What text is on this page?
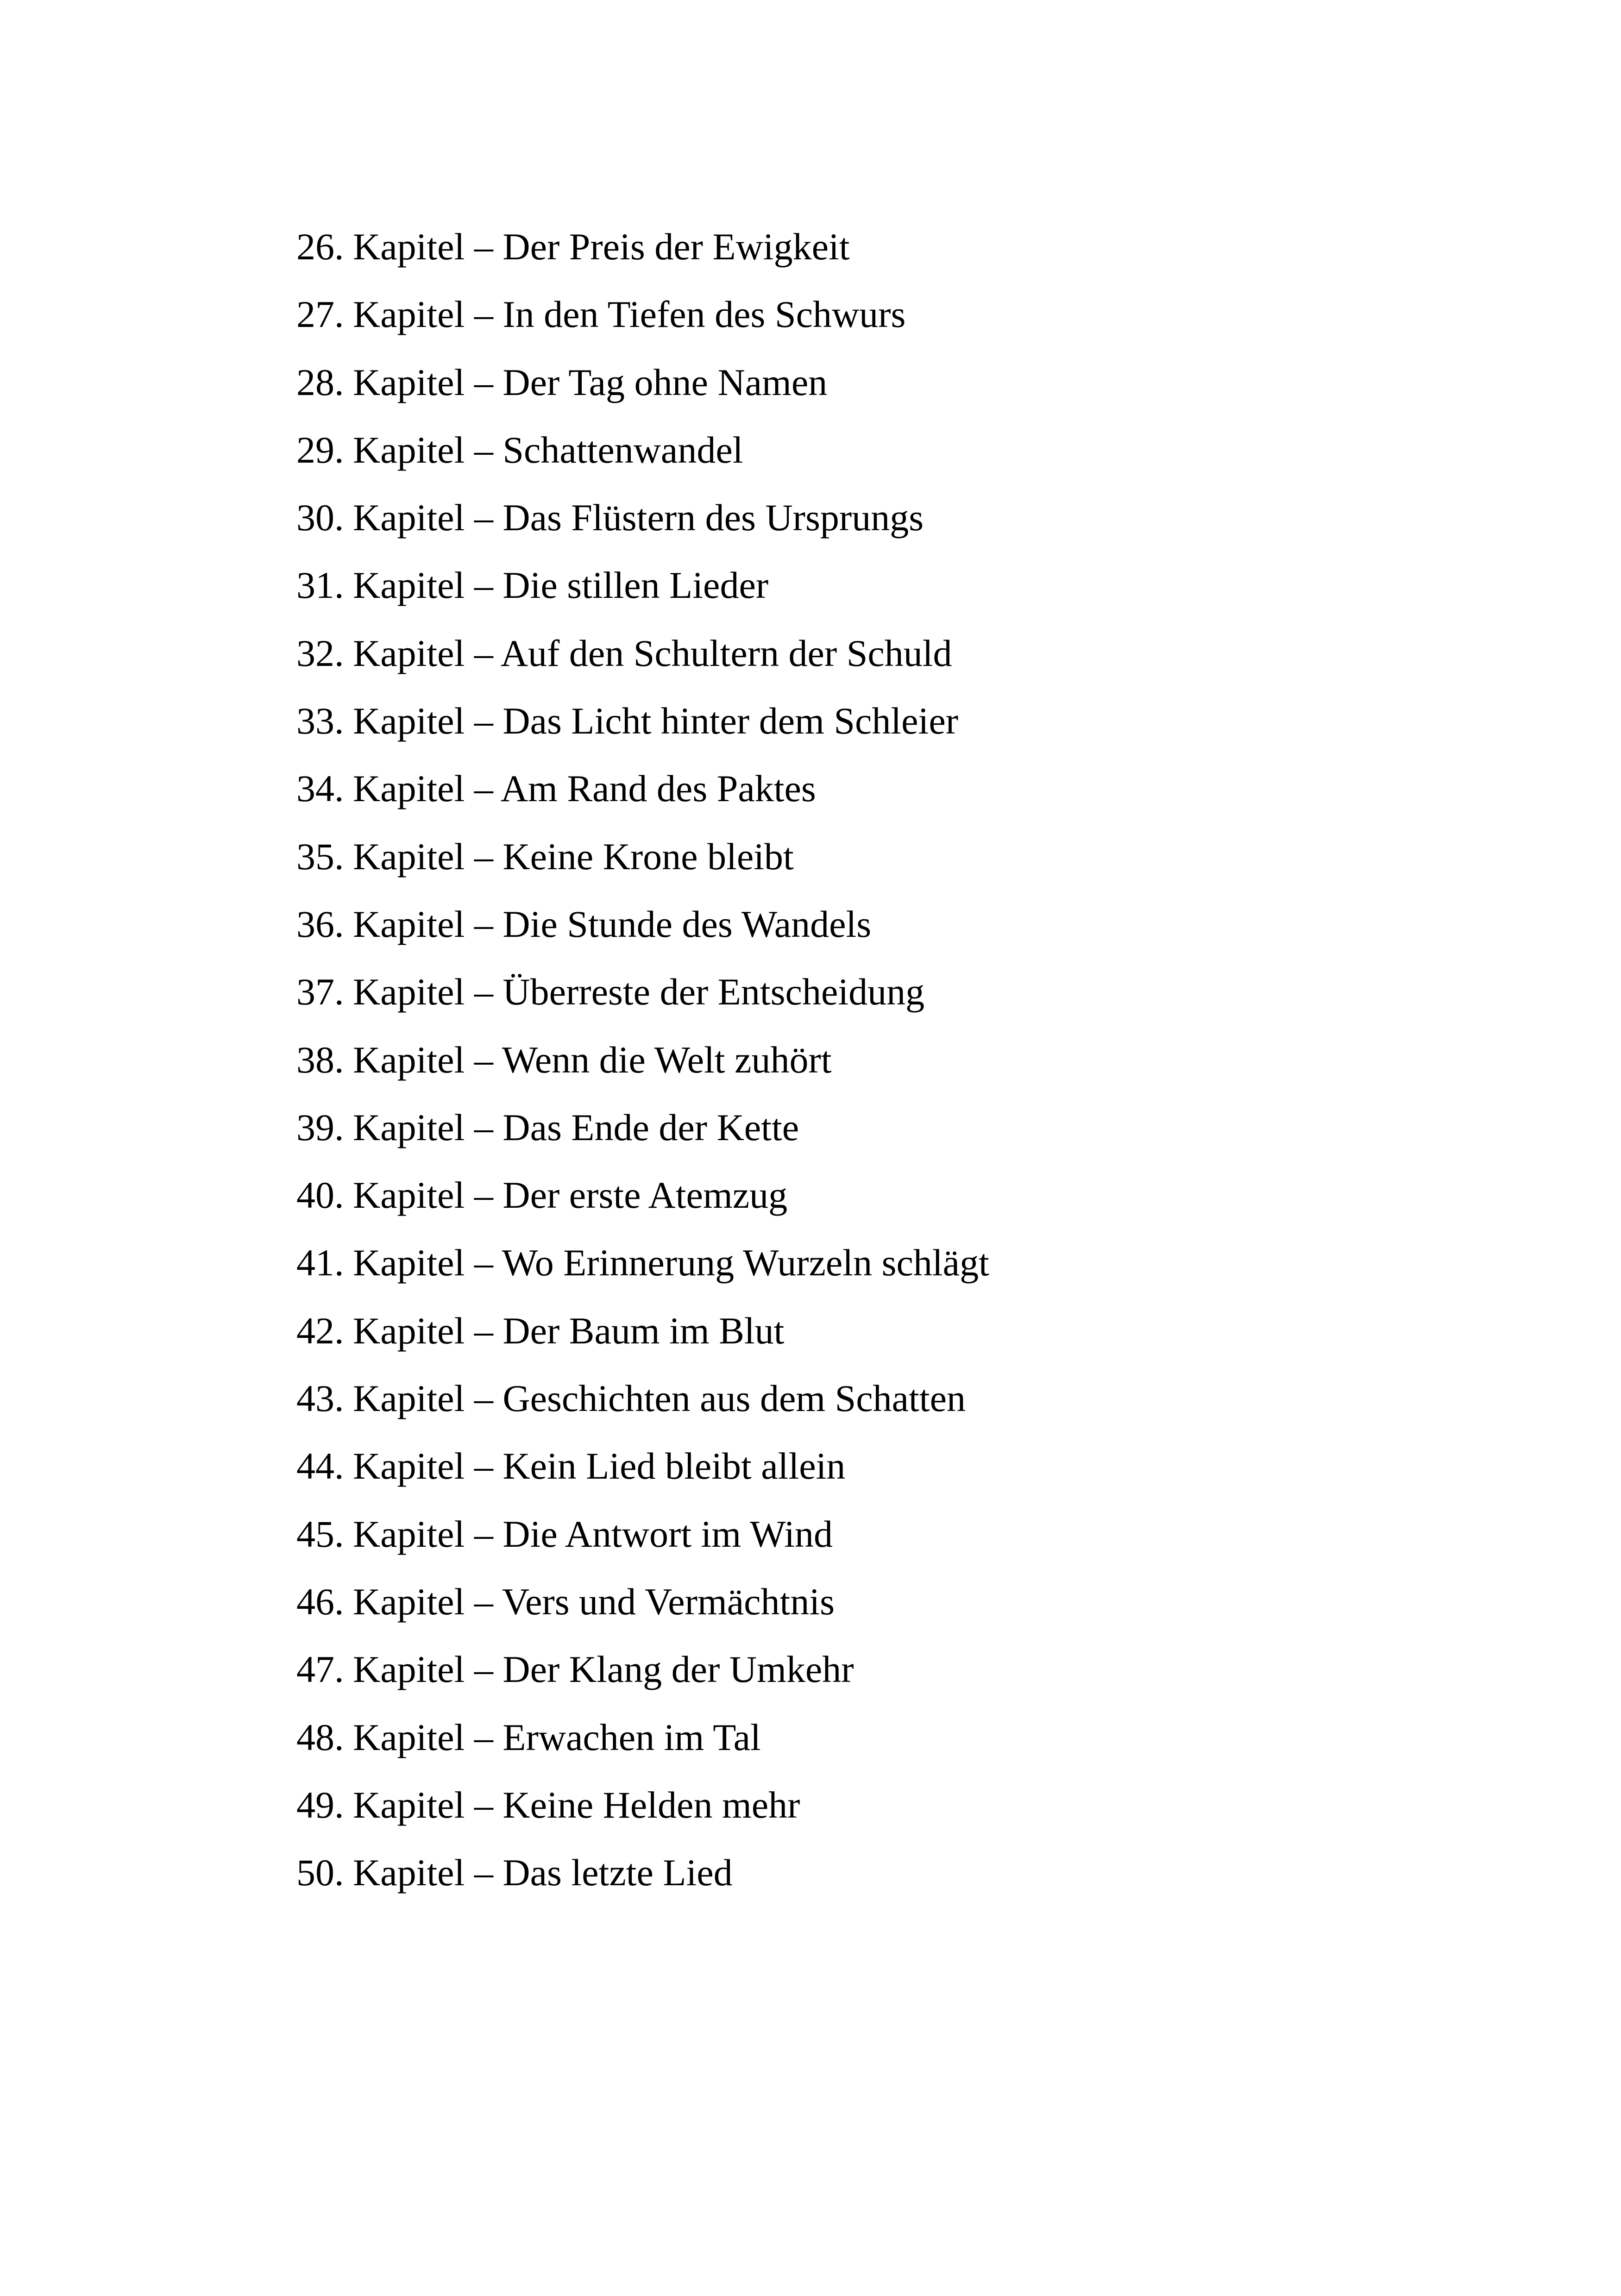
26. Kapitel – Der Preis der Ewigkeit
27. Kapitel – In den Tiefen des Schwurs
28. Kapitel – Der Tag ohne Namen
29. Kapitel – Schattenwandel
30. Kapitel – Das Flüstern des Ursprungs
31. Kapitel – Die stillen Lieder
32. Kapitel – Auf den Schultern der Schuld
33. Kapitel – Das Licht hinter dem Schleier
34. Kapitel – Am Rand des Paktes
35. Kapitel – Keine Krone bleibt
36. Kapitel – Die Stunde des Wandels
37. Kapitel – Überreste der Entscheidung
38. Kapitel – Wenn die Welt zuhört
39. Kapitel – Das Ende der Kette
40. Kapitel – Der erste Atemzug
41. Kapitel – Wo Erinnerung Wurzeln schlägt
42. Kapitel – Der Baum im Blut
43. Kapitel – Geschichten aus dem Schatten
44. Kapitel – Kein Lied bleibt allein
45. Kapitel – Die Antwort im Wind
46. Kapitel – Vers und Vermächtnis
47. Kapitel – Der Klang der Umkehr
48. Kapitel – Erwachen im Tal
49. Kapitel – Keine Helden mehr
50. Kapitel – Das letzte Lied
